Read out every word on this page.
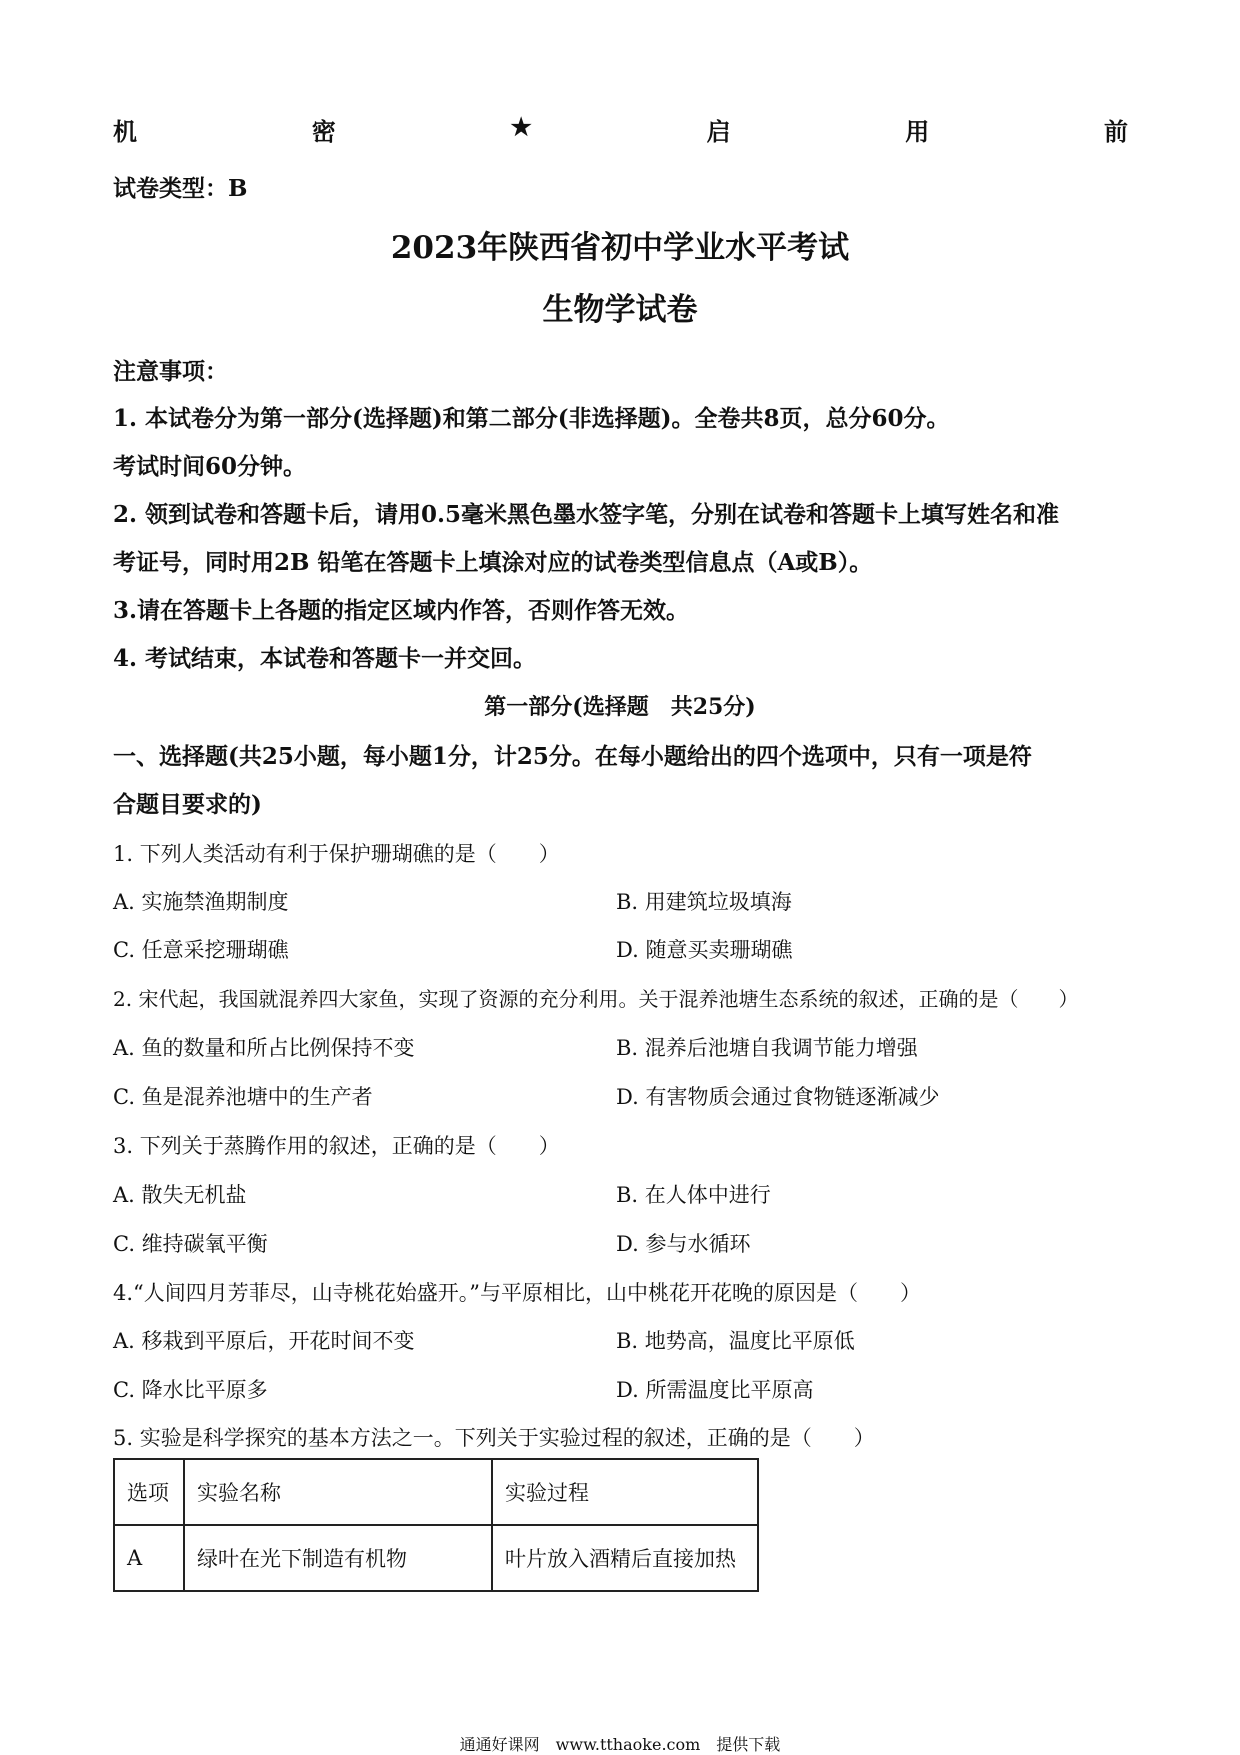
机	密	★	启	用	前
试卷类型：B
2023年陕西省初中学业水平考试
生物学试卷
注意事项：
1. 本试卷分为第一部分(选择题)和第二部分(非选择题)。全卷共8页，总分60分。
考试时间60分钟。
2. 领到试卷和答题卡后，请用0.5毫米黑色墨水签字笔，分别在试卷和答题卡上填写姓名和准
考证号，同时用2B 铅笔在答题卡上填涂对应的试卷类型信息点（A或B）。
3.请在答题卡上各题的指定区域内作答，否则作答无效。
4. 考试结束，本试卷和答题卡一并交回。
第一部分(选择题　共25分)
一、选择题(共25小题，每小题1分，计25分。在每小题给出的四个选项中，只有一项是符
合题目要求的)
1. 下列人类活动有利于保护珊瑚礁的是（　　）
A. 实施禁渔期制度	B. 用建筑垃圾填海
C. 任意采挖珊瑚礁	D. 随意买卖珊瑚礁
2. 宋代起，我国就混养四大家鱼，实现了资源的充分利用。关于混养池塘生态系统的叙述，正确的是（　　）
A. 鱼的数量和所占比例保持不变	B. 混养后池塘自我调节能力增强
C. 鱼是混养池塘中的生产者	D. 有害物质会通过食物链逐渐减少
3. 下列关于蒸腾作用的叙述，正确的是（　　）
A. 散失无机盐	B. 在人体中进行
C. 维持碳氧平衡	D. 参与水循环
4.“人间四月芳菲尽，山寺桃花始盛开。”与平原相比，山中桃花开花晚的原因是（　　）
A. 移栽到平原后，开花时间不变	B. 地势高，温度比平原低
C. 降水比平原多	D. 所需温度比平原高
5. 实验是科学探究的基本方法之一。下列关于实验过程的叙述，正确的是（　　）
选项	实验名称	实验过程
A	绿叶在光下制造有机物	叶片放入酒精后直接加热
通通好课网　www.tthaoke.com　提供下载
